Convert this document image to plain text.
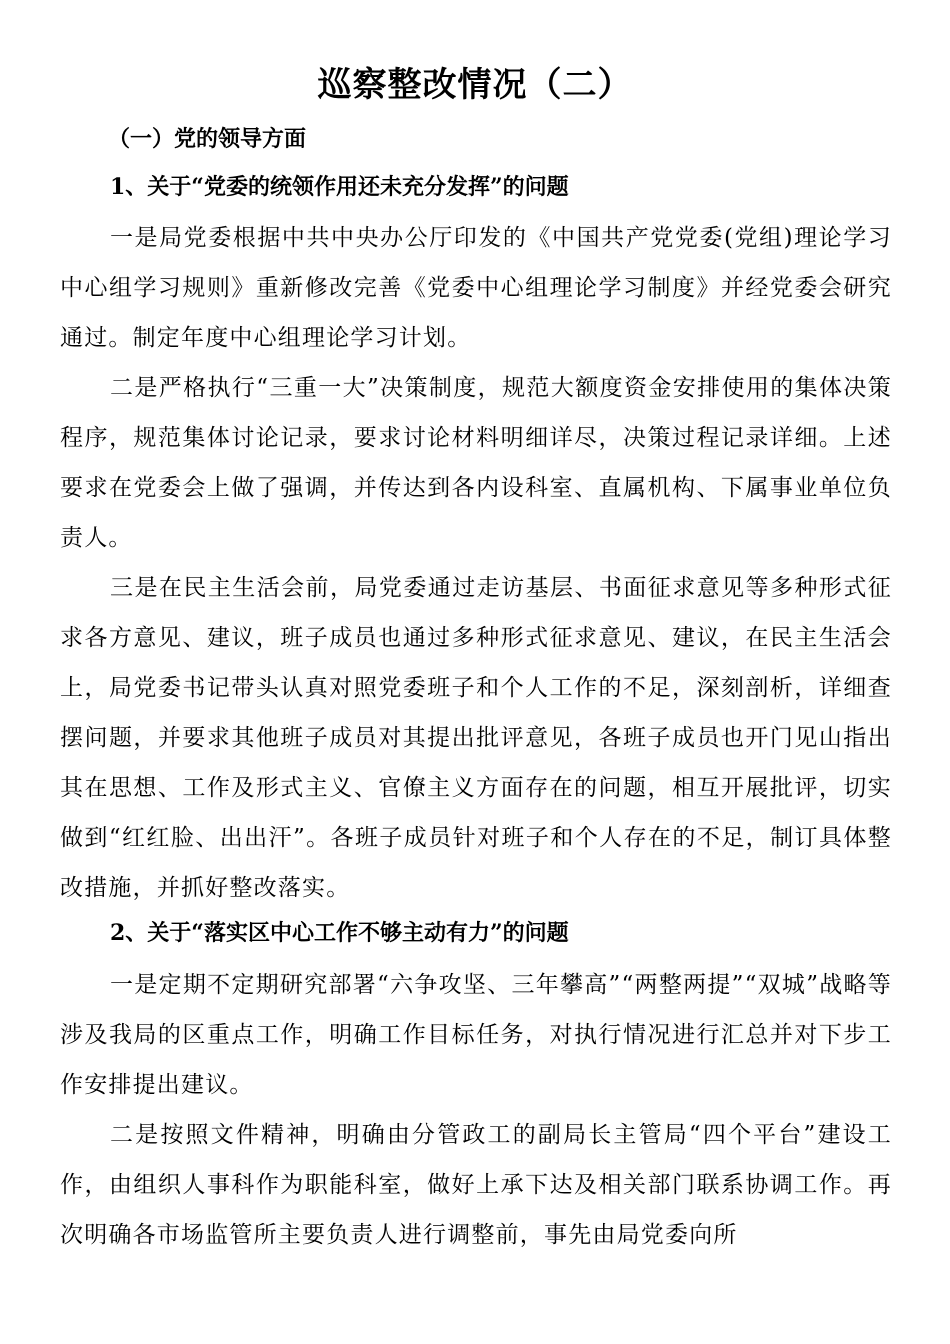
巡察整改情况（二）
（一）党的领导方面
1、关于“党委的统领作用还未充分发挥”的问题

一是局党委根据中共中央办公厅印发的《中国共产党党委(党组)理论学习中心组学习规则》重新修改完善《党委中心组理论学习制度》并经党委会研究通过。制定年度中心组理论学习计划。

二是严格执行“三重一大”决策制度，规范大额度资金安排使用的集体决策程序，规范集体讨论记录，要求讨论材料明细详尽，决策过程记录详细。上述要求在党委会上做了强调，并传达到各内设科室、直属机构、下属事业单位负责人。

三是在民主生活会前，局党委通过走访基层、书面征求意见等多种形式征求各方意见、建议，班子成员也通过多种形式征求意见、建议，在民主生活会上，局党委书记带头认真对照党委班子和个人工作的不足，深刻剖析，详细查摆问题，并要求其他班子成员对其提出批评意见，各班子成员也开门见山指出其在思想、工作及形式主义、官僚主义方面存在的问题，相互开展批评，切实做到“红红脸、出出汗”。各班子成员针对班子和个人存在的不足，制订具体整改措施，并抓好整改落实。

2、关于“落实区中心工作不够主动有力”的问题

一是定期不定期研究部署“六争攻坚、三年攀高”“两整两提”“双城”战略等涉及我局的区重点工作，明确工作目标任务，对执行情况进行汇总并对下步工作安排提出建议。

二是按照文件精神，明确由分管政工的副局长主管局“四个平台”建设工作，由组织人事科作为职能科室，做好上承下达及相关部门联系协调工作。再次明确各市场监管所主要负责人进行调整前，事先由局党委向所
